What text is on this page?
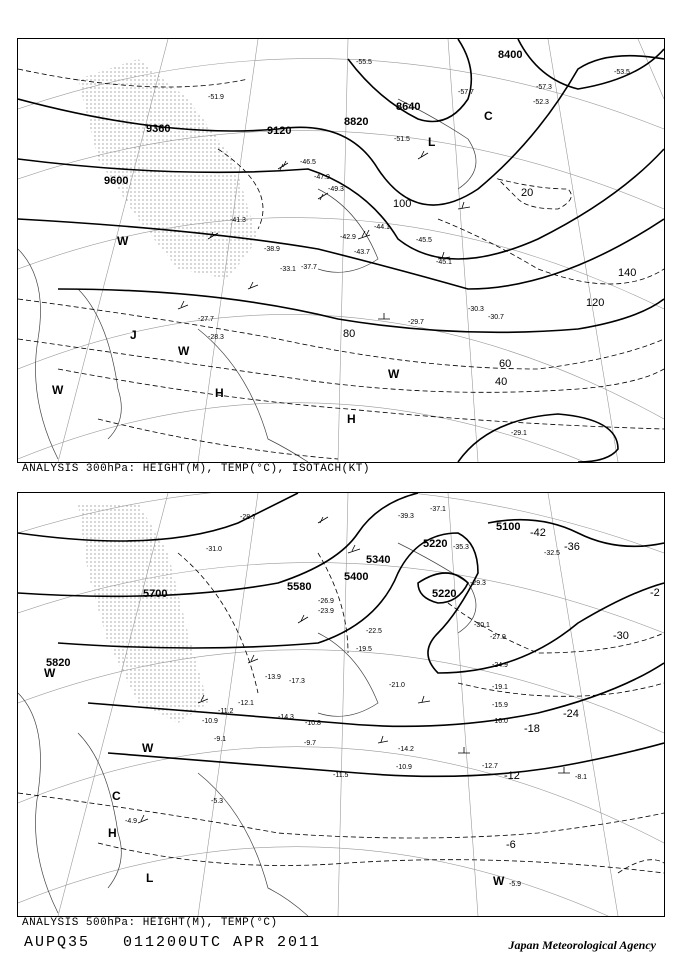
8400
8640
8820
9120
9360
9600
20
40
60
80
100
120
140
-29.7
-29.1
-28.3
-27.7
-30.3
-30.7
-33.1 -37.7
-38.9
-41.3
-44.1
-45.5
-46.5
-47.9
-49.3
-45.1
-43.7
-42.9
-51.5
-51.9
-57.7
-53.5
-55.5
-52.3
-57.3
L
C
H
H
W
W
W
W
J
ANALYSIS 300hPa: HEIGHT(M), TEMP(°C), ISOTACH(KT)
5100
5220
5220
5340
5400
5580
5700
5820
-6
-12
-18
-24
-30
-36
-42
-2
-37.1
-39.3
-35.3
-32.5
-29.3
-30.1
-27.9
-24.9
-19.1
-16.0
-15.9
-12.7
-8.1
-10.9
-14.2
-11.5
-9.7
-10.8
-13.9
-17.3
-19.5
-21.0
-22.5
-23.9
-26.9
-28.7
-31.0
-12.1
-11.2
-10.9
-9.1
-5.3
-4.9
-5.9
-14.3
C
H
L
W
W
W
ANALYSIS 500hPa: HEIGHT(M), TEMP(°C)
AUPQ35 011200UTC APR 2011	Japan Meteorological Agency
